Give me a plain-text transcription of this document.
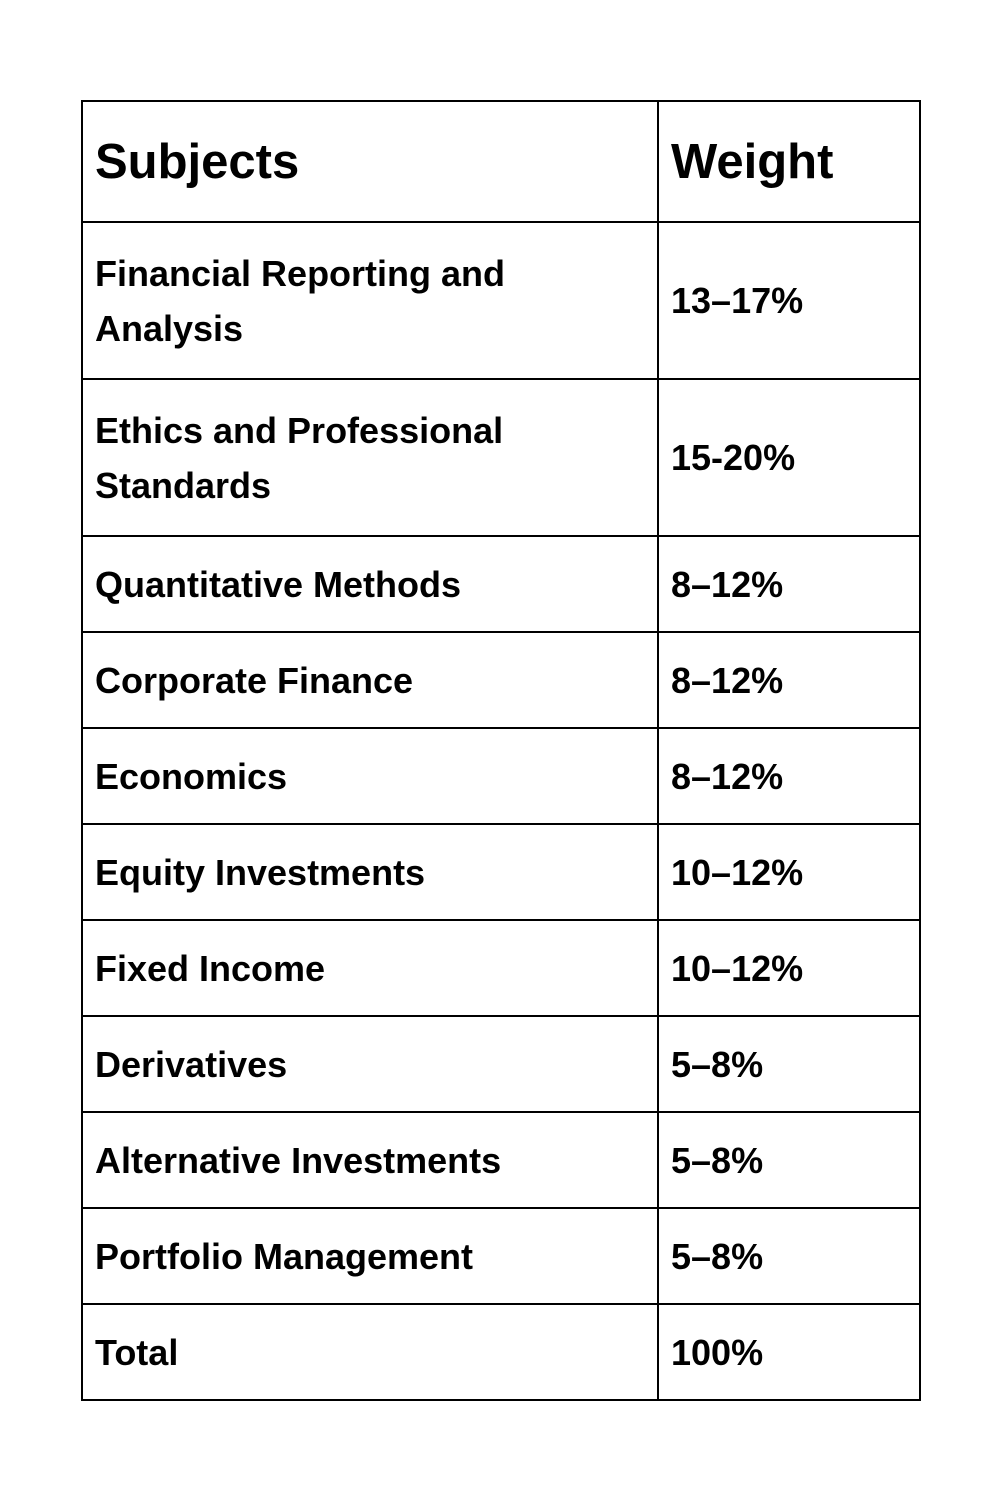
Subjects	Weight
Financial Reporting and Analysis	13–17%
Ethics and Professional Standards	15-20%
Quantitative Methods	8–12%
Corporate Finance	8–12%
Economics	8–12%
Equity Investments	10–12%
Fixed Income	10–12%
Derivatives	5–8%
Alternative Investments	5–8%
Portfolio Management	5–8%
Total	100%
